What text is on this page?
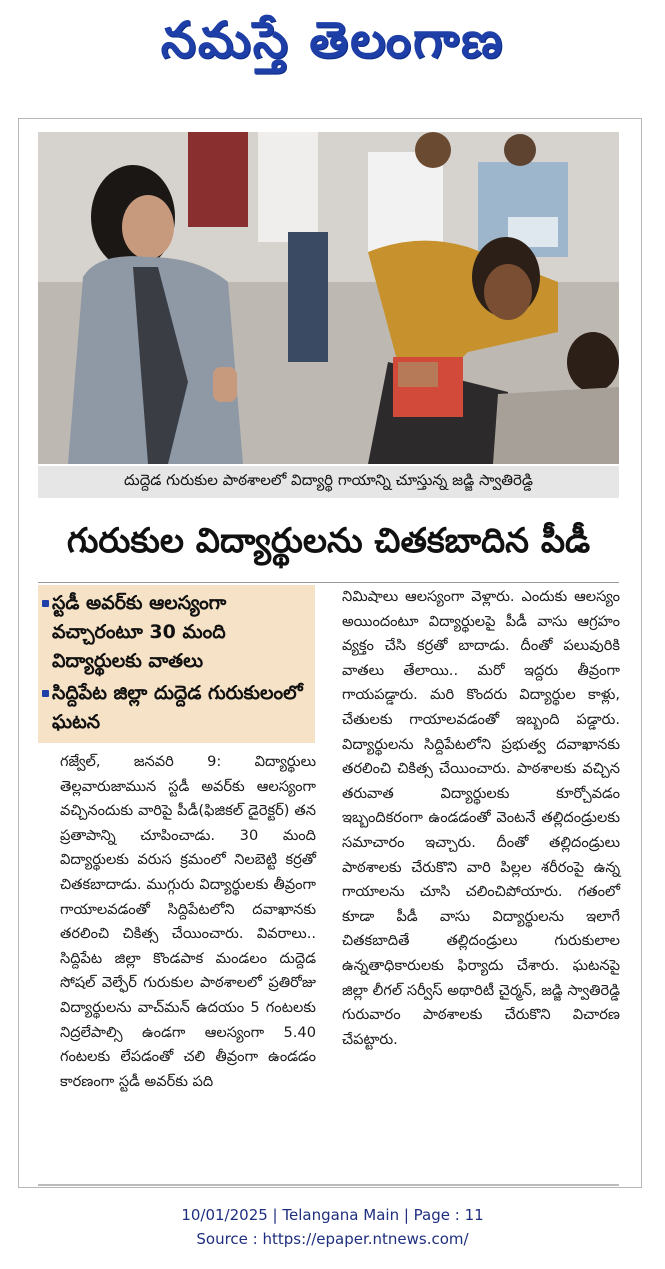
నమస్తే తెలంగాణ
దుద్దెడ గురుకుల పాఠశాలలో విద్యార్థి గాయాన్ని చూస్తున్న జడ్జి స్వాతిరెడ్డి
గురుకుల విద్యార్థులను చితకబాదిన పీడీ
స్టడీ అవర్‌కు ఆలస్యంగా వచ్చారంటూ 30 మంది విద్యార్థులకు వాతలు
సిద్దిపేట జిల్లా దుద్దెడ గురుకులంలో ఘటన

గజ్వేల్, జనవరి 9: విద్యార్థులు తెల్లవారుజామున స్టడీ అవర్‌కు ఆలస్యంగా వచ్చినందుకు వారిపై పీడీ(ఫిజికల్ డైరెక్టర్) తన ప్రతాపాన్ని చూపించాడు. 30 మంది విద్యార్థులకు వరుస క్రమంలో నిలబెట్టి కర్రతో చితకబాదాడు. ముగ్గురు విద్యార్థులకు తీవ్రంగా గాయాలవడంతో సిద్దిపేటలోని దవాఖానకు తరలించి చికిత్స చేయించారు. వివరాలు.. సిద్దిపేట జిల్లా కొండపాక మండలం దుద్దెడ సోషల్ వెల్ఫేర్ గురుకుల పాఠశాలలో ప్రతిరోజు విద్యార్థులను వాచ్‌మన్ ఉదయం 5 గంటలకు నిద్రలేపాల్సి ఉండగా ఆలస్యంగా 5.40 గంటలకు లేపడంతో చలి తీవ్రంగా ఉండడం కారణంగా స్టడీ అవర్‌కు పది

నిమిషాలు ఆలస్యంగా వెళ్లారు. ఎందుకు ఆలస్యం అయిందంటూ విద్యార్థులపై పీడీ వాసు ఆగ్రహం వ్యక్తం చేసి కర్రతో బాదాడు. దీంతో పలువురికి వాతలు తేలాయి.. మరో ఇద్దరు తీవ్రంగా గాయపడ్డారు. మరి కొందరు విద్యార్థుల కాళ్లు, చేతులకు గాయాలవడంతో ఇబ్బంది పడ్డారు. విద్యార్థులను సిద్దిపేటలోని ప్రభుత్వ దవాఖానకు తరలించి చికిత్స చేయించారు. పాఠశాలకు వచ్చిన తరువాత విద్యార్థులకు కూర్చోవడం ఇబ్బందికరంగా ఉండడంతో వెంటనే తల్లిదండ్రులకు సమాచారం ఇచ్చారు. దీంతో తల్లిదండ్రులు పాఠశాలకు చేరుకొని వారి పిల్లల శరీరంపై ఉన్న గాయాలను చూసి చలించిపోయారు. గతంలో కూడా పీడీ వాసు విద్యార్థులను ఇలాగే చితకబాదితే తల్లిదండ్రులు గురుకులాల ఉన్నతాధికారులకు ఫిర్యాదు చేశారు. ఘటనపై జిల్లా లీగల్ సర్వీస్ అథారిటీ చైర్మన్, జడ్జి స్వాతిరెడ్డి గురువారం పాఠశాలకు చేరుకొని విచారణ చేపట్టారు.

10/01/2025 | Telangana Main | Page : 11
Source : https://epaper.ntnews.com/
